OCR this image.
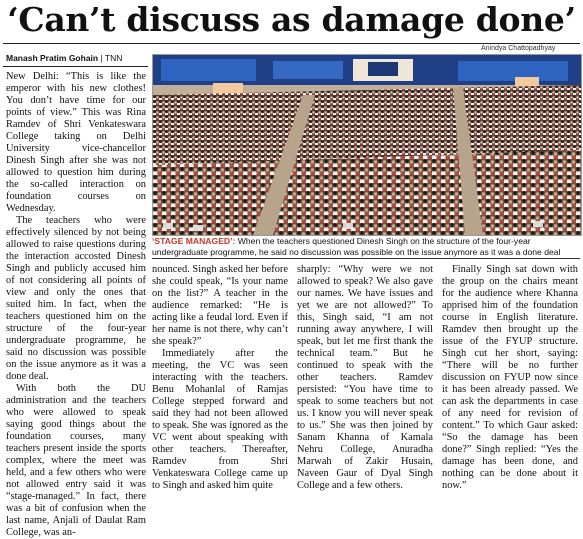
‘Can’t discuss as damage done’
Manash Pratim Gohain | TNN
Anindya Chattopadhyay
‘STAGE MANAGED’: When the teachers questioned Dinesh Singh on the structure of the four-year undergraduate programme, he said no discussion was possible on the issue anymore as it was a done deal

New Delhi: “This is like the emperor with his new clothes! You don’t have time for our points of view.” This was Rina Ramdev of Shri Venkateswara College taking on Delhi University vice-chancellor Dinesh Singh after she was not allowed to question him during the so-called interaction on foundation courses on Wednesday.

The teachers who were effectively silenced by not being allowed to raise questions during the interaction accosted Dinesh Singh and publicly accused him of not considering all points of view and only the ones that suited him. In fact, when the teachers questioned him on the structure of the four-year undergraduate programme, he said no discussion was possible on the issue anymore as it was a done deal.

With both the DU administration and the teachers who were allowed to speak saying good things about the foundation courses, many teachers present inside the sports complex, where the meet was held, and a few others who were not allowed entry said it was “stage-managed.” In fact, there was a bit of confusion when the last name, Anjali of Daulat Ram College, was an-

nounced. Singh asked her before she could speak, “Is your name on the list?” A teacher in the audience remarked: “He is acting like a feudal lord. Even if her name is not there, why can’t she speak?”

Immediately after the meeting, the VC was seen interacting with the teachers. Benu Mohanlal of Ramjas College stepped forward and said they had not been allowed to speak. She was ignored as the VC went about speaking with other teachers. Thereafter, Ramdev from Shri Venkateswara College came up to Singh and asked him quite

sharply: “Why were we not allowed to speak? We also gave our names. We have issues and yet we are not allowed?” To this, Singh said, “I am not running away anywhere, I will speak, but let me first thank the technical team.” But he continued to speak with the other teachers. Ramdev persisted: “You have time to speak to some teachers but not us. I know you will never speak to us.” She was then joined by Sanam Khanna of Kamala Nehru College, Anuradha Marwah of Zakir Husain, Naveen Gaur of Dyal Singh College and a few others.

Finally Singh sat down with the group on the chairs meant for the audience where Khanna apprised him of the foundation course in English literature. Ramdev then brought up the issue of the FYUP structure. Singh cut her short, saying: “There will be no further discussion on FYUP now since it has been already passed. We can ask the departments in case of any need for revision of content.” To which Gaur asked: “So the damage has been done?” Singh replied: “Yes the damage has been done, and nothing can be done about it now.”
